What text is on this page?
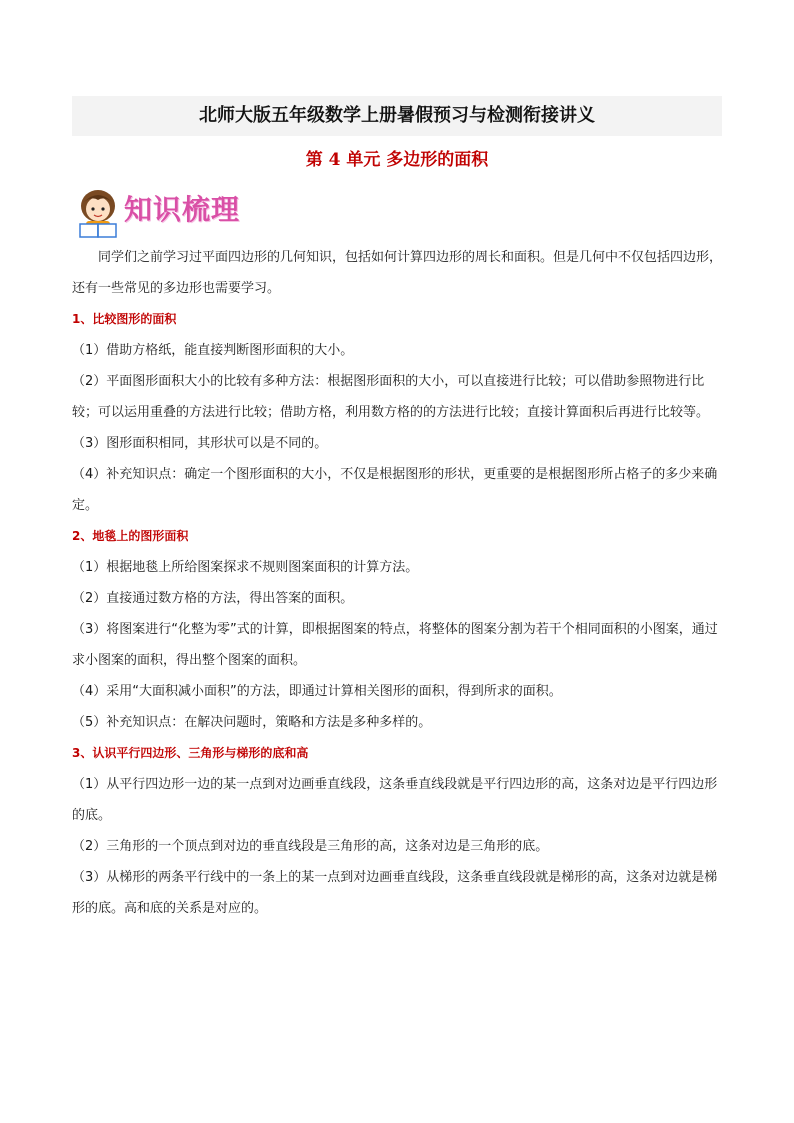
北师大版五年级数学上册暑假预习与检测衔接讲义
第 4 单元 多边形的面积
知识梳理

同学们之前学习过平面四边形的几何知识，包括如何计算四边形的周长和面积。但是几何中不仅包括四边形，还有一些常见的多边形也需要学习。

1、比较图形的面积

（1）借助方格纸，能直接判断图形面积的大小。

（2）平面图形面积大小的比较有多种方法：根据图形面积的大小，可以直接进行比较；可以借助参照物进行比较；可以运用重叠的方法进行比较；借助方格，利用数方格的的方法进行比较；直接计算面积后再进行比较等。

（3）图形面积相同，其形状可以是不同的。

（4）补充知识点：确定一个图形面积的大小，不仅是根据图形的形状，更重要的是根据图形所占格子的多少来确定。

2、地毯上的图形面积

（1）根据地毯上所给图案探求不规则图案面积的计算方法。

（2）直接通过数方格的方法，得出答案的面积。

（3）将图案进行“化整为零”式的计算，即根据图案的特点，将整体的图案分割为若干个相同面积的小图案，通过求小图案的面积，得出整个图案的面积。

（4）采用“大面积减小面积”的方法，即通过计算相关图形的面积，得到所求的面积。

（5）补充知识点：在解决问题时，策略和方法是多种多样的。

3、认识平行四边形、三角形与梯形的底和高

（1）从平行四边形一边的某一点到对边画垂直线段，这条垂直线段就是平行四边形的高，这条对边是平行四边形的底。

（2）三角形的一个顶点到对边的垂直线段是三角形的高，这条对边是三角形的底。

（3）从梯形的两条平行线中的一条上的某一点到对边画垂直线段，这条垂直线段就是梯形的高，这条对边就是梯形的底。高和底的关系是对应的。
